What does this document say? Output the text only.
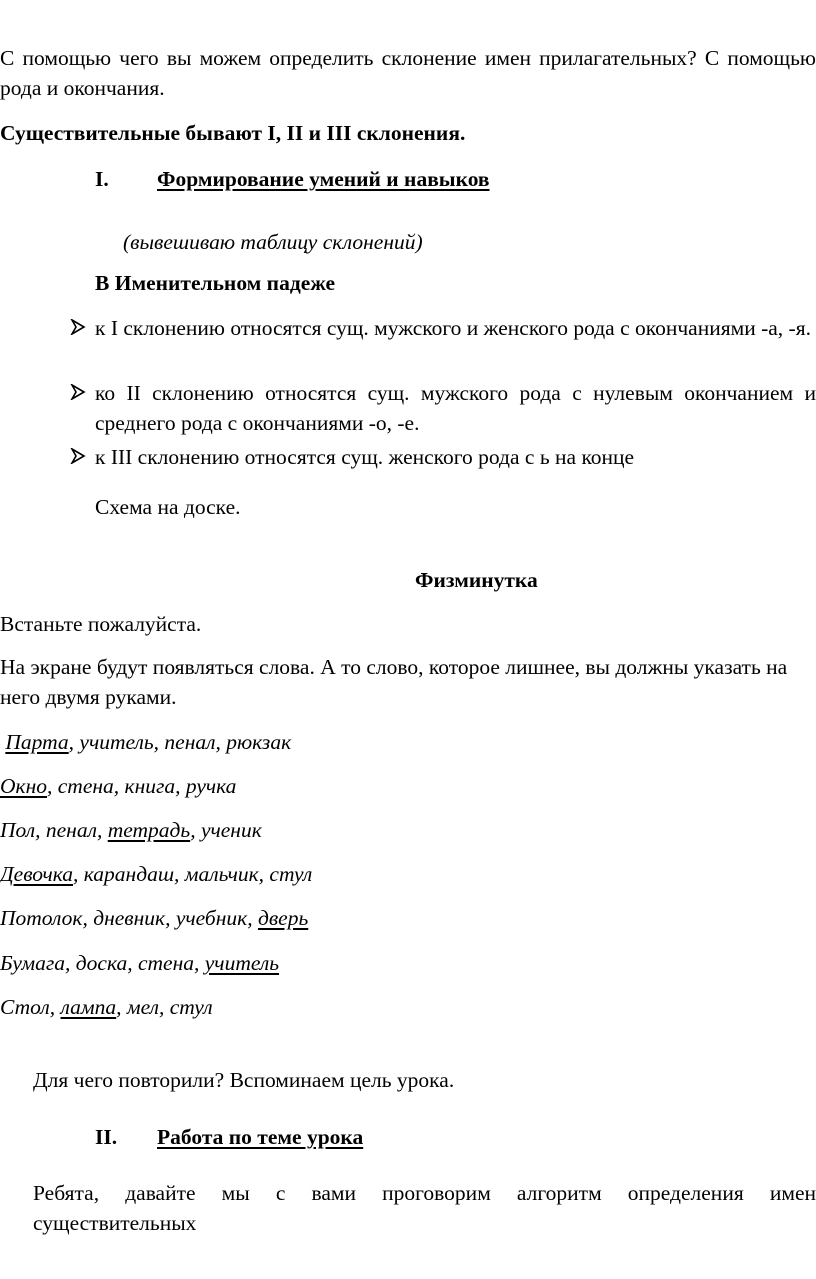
С помощью чего вы можем определить склонение имен прилагательных? С помощью рода и окончания.

Существительные бывают I, II и III склонения.

I. Формирование умений и навыков

(вывешиваю таблицу склонений)

В Именительном падеже

к I склонению относятся сущ. мужского и женского рода с окончаниями -а, -я.
ко II склонению относятся сущ. мужского рода с нулевым окончанием и среднего рода с окончаниями -о, -е.
к III склонению относятся сущ. женского рода с ь на конце

Схема на доске.

Физминутка

Встаньте пожалуйста.

На экране будут появляться слова. А то слово, которое лишнее, вы должны указать на него двумя руками.

Парта, учитель, пенал, рюкзак
Окно, стена, книга, ручка
Пол, пенал, тетрадь, ученик
Девочка, карандаш, мальчик, стул
Потолок, дневник, учебник, дверь
Бумага, доска, стена, учитель
Стол, лампа, мел, стул

Для чего повторили? Вспоминаем цель урока.

II. Работа по теме урока

Ребята, давайте мы с вами проговорим алгоритм определения имен существительных
